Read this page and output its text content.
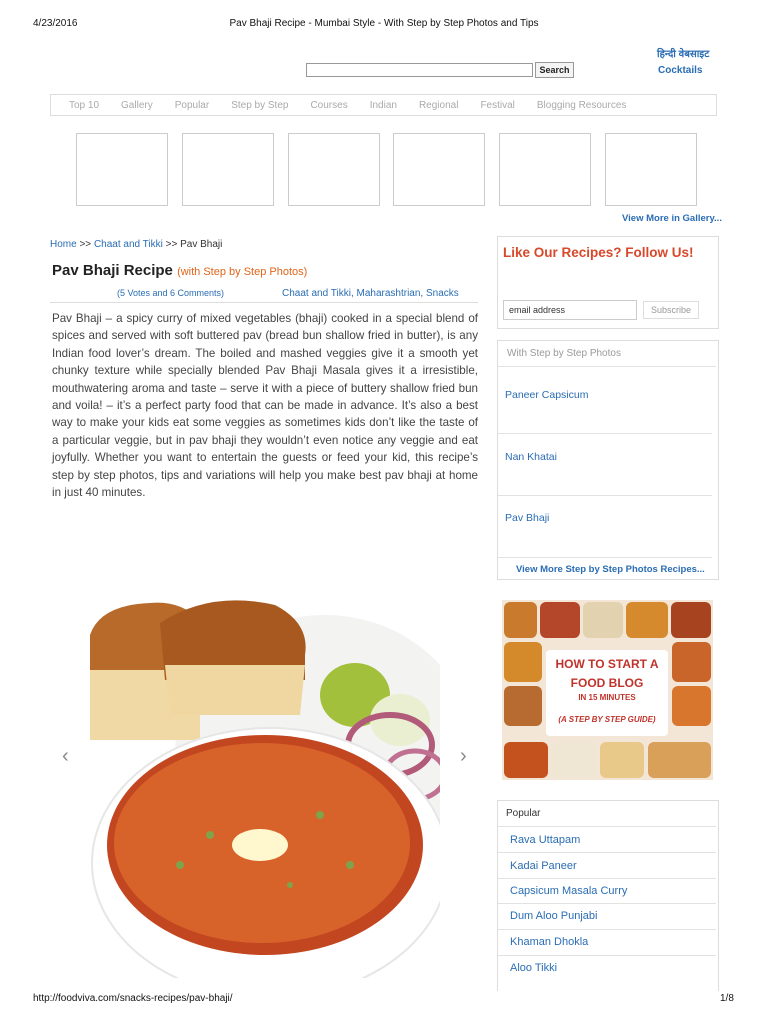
4/23/2016	Pav Bhaji Recipe - Mumbai Style - With Step by Step Photos and Tips
Search
हिन्दी वेबसाइट
Cocktails
Top 10 Gallery Popular Step by Step Courses Indian Regional Festival Blogging Resources
View More in Gallery...
Home >> Chaat and Tikki >> Pav Bhaji
Pav Bhaji Recipe (with Step by Step Photos)
(5 Votes and 6 Comments)	Chaat and Tikki, Maharashtrian, Snacks
Pav Bhaji – a spicy curry of mixed vegetables (bhaji) cooked in a special blend of spices and served with soft buttered pav (bread bun shallow fried in butter), is any Indian food lover’s dream. The boiled and mashed veggies give it a smooth yet chunky texture while specially blended Pav Bhaji Masala gives it a irresistible, mouthwatering aroma and taste – serve it with a piece of buttery shallow fried bun and voila! – it’s a perfect party food that can be made in advance. It’s also a best way to make your kids eat some veggies as sometimes kids don’t like the taste of a particular veggie, but in pav bhaji they wouldn’t even notice any veggie and eat joyfully. Whether you want to entertain the guests or feed your kid, this recipe’s step by step photos, tips and variations will help you make best pav bhaji at home in just 40 minutes.
‹	›
Like Our Recipes? Follow Us!
email address	Subscribe
With Step by Step Photos
Paneer Capsicum
Nan Khatai
Pav Bhaji
View More Step by Step Photos Recipes...
HOW TO START A
FOOD BLOG
IN 15 MINUTES
(A STEP BY STEP GUIDE)
Popular
Rava Uttapam
Kadai Paneer
Capsicum Masala Curry
Dum Aloo Punjabi
Khaman Dhokla
Aloo Tikki
http://foodviva.com/snacks-recipes/pav-bhaji/	1/8
